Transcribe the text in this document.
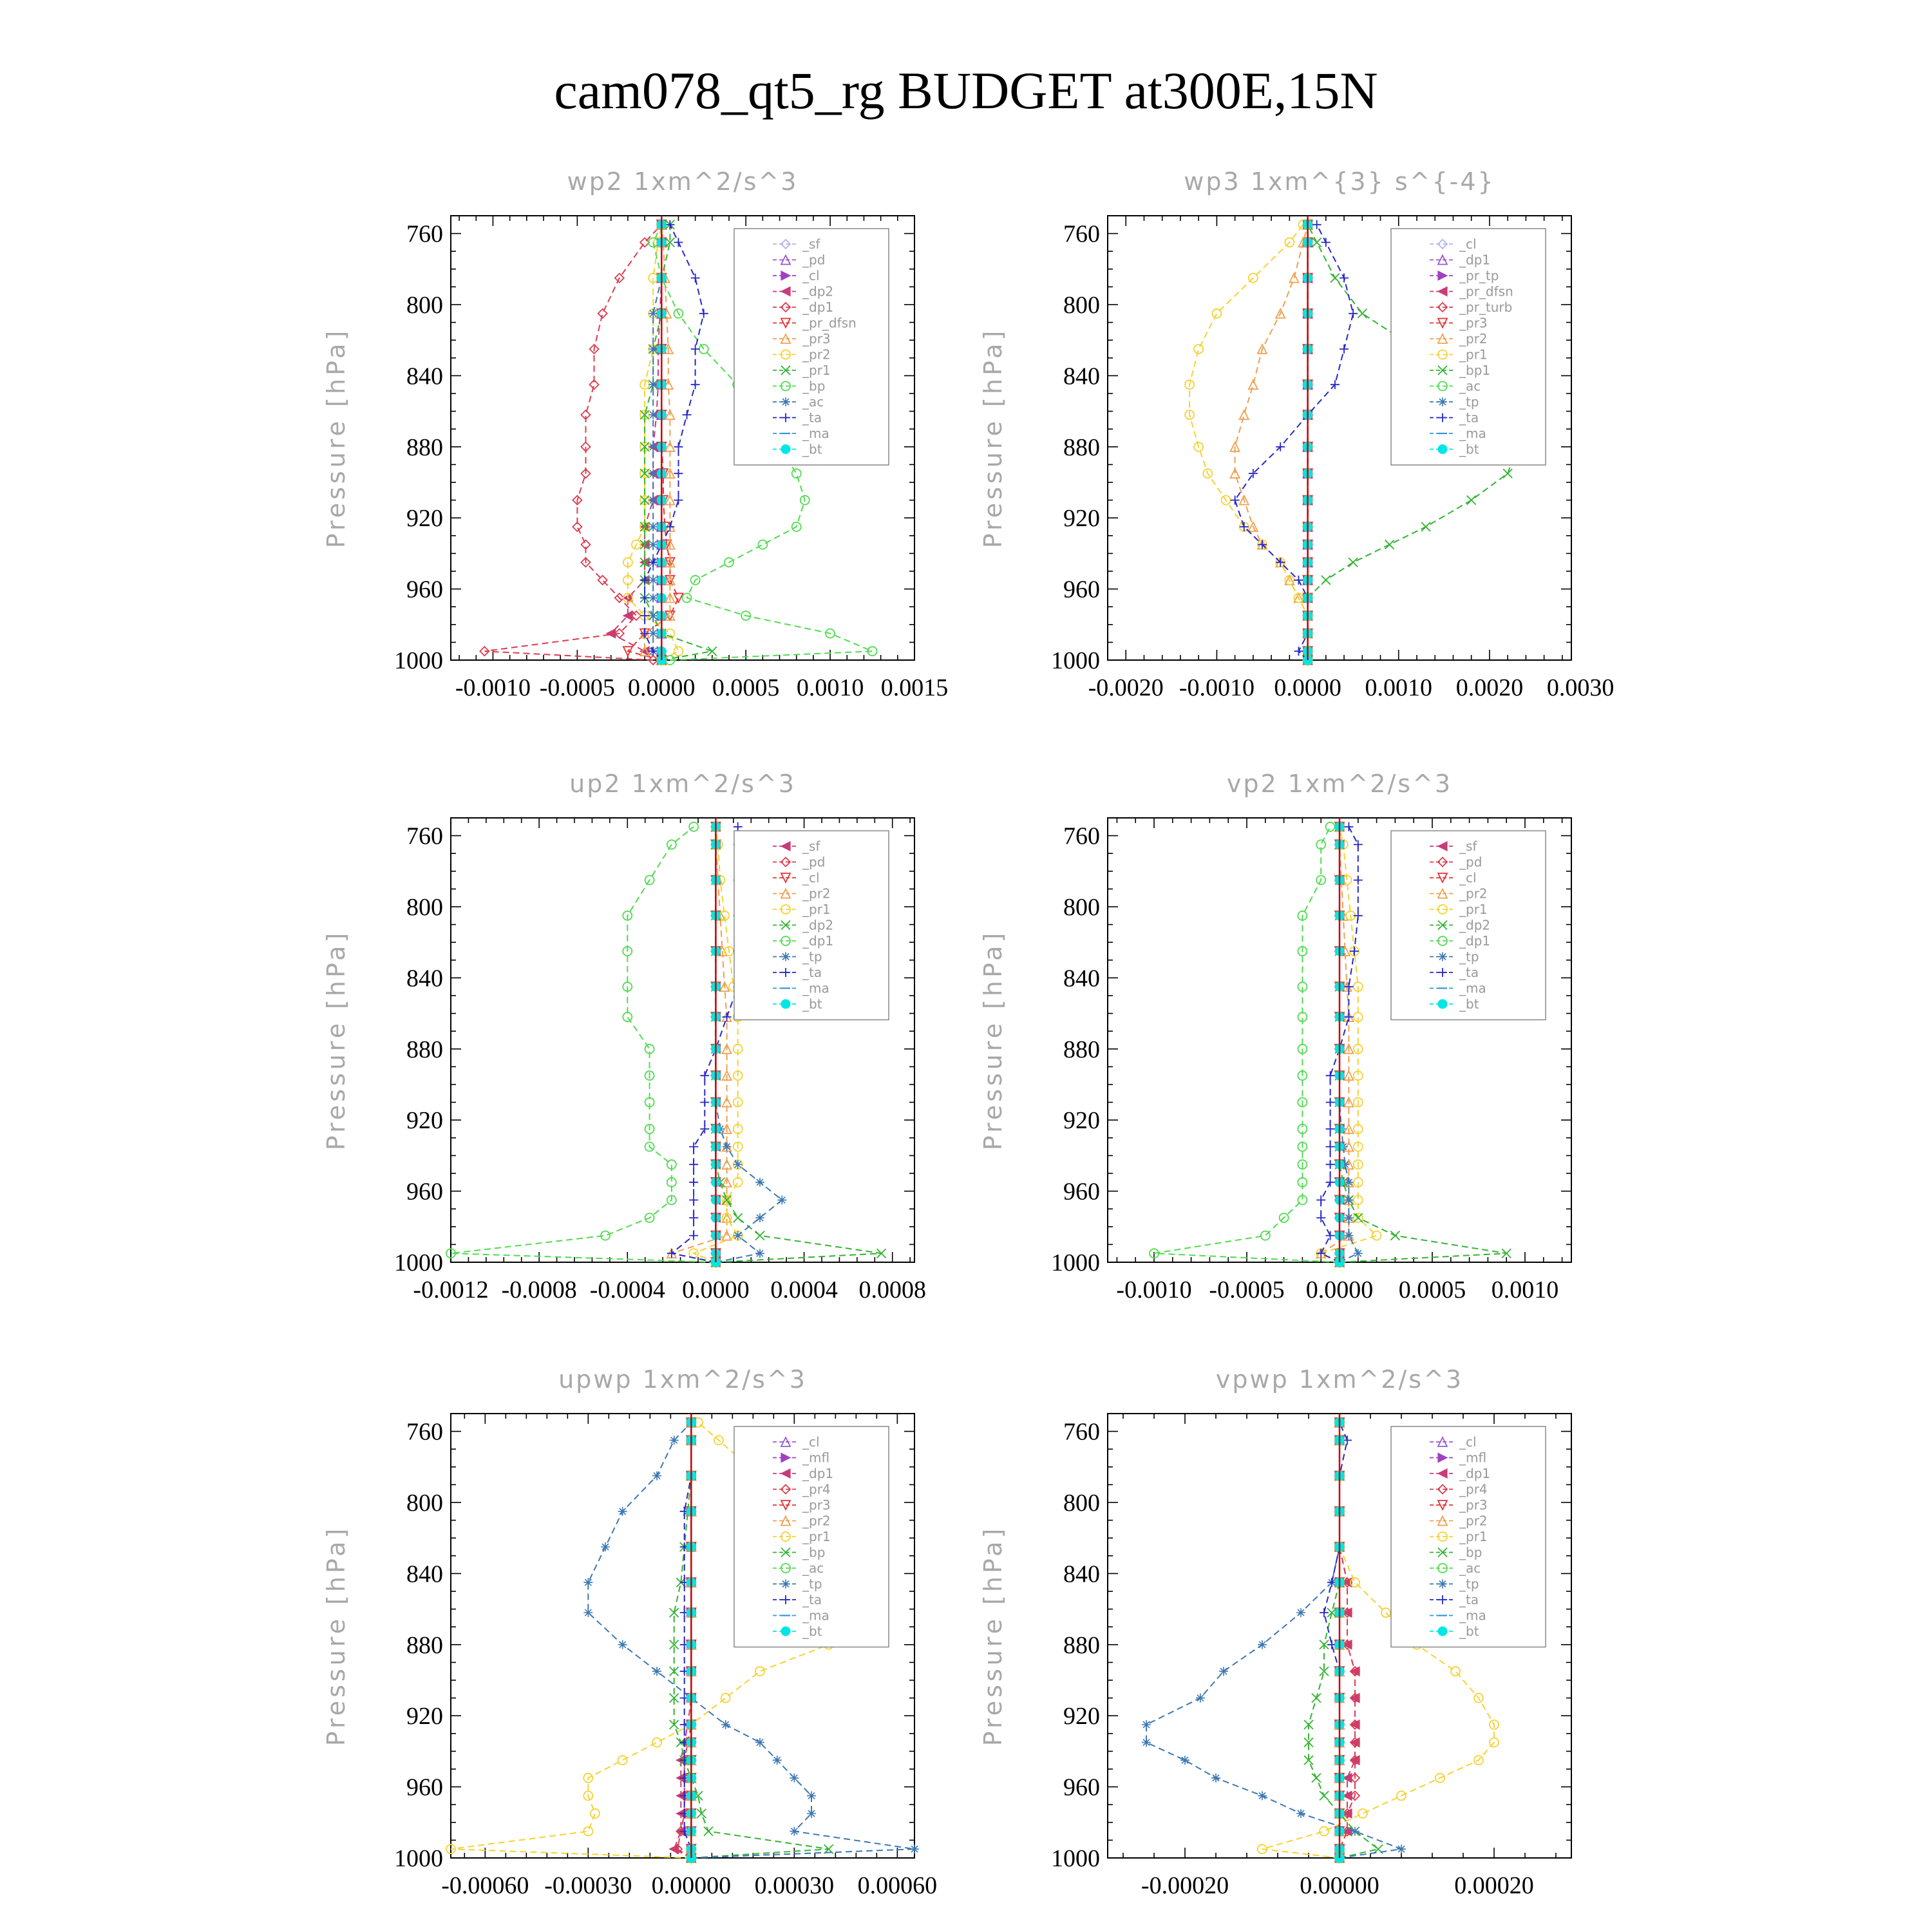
cam078_qt5_rg BUDGET at300E,15N
wp2 1xm^2/s^3
Pressure [hPa]
760
800
840
880
920
960
1000
-0.0010 -0.0005 0.0000 0.0005 0.0010 0.0015
_sf
_pd
_cl
_dp2
_dp1
_pr_dfsn
_pr3
_pr2
_pr1
_bp
_ac
_ta
_ma
_bt
wp3 1xm^{3} s^{-4}
Pressure [hPa]
760
800
840
880
920
960
1000
-0.0020 -0.0010 0.0000 0.0010 0.0020 0.0030
_cl
_dp1
_pr_tp
_pr_dfsn
_pr_turb
_pr3
_pr2
_pr1
_bp1
_ac
_tp
_ta
_ma
_bt
up2 1xm^2/s^3
Pressure [hPa]
760
800
840
880
920
960
1000
-0.0012 -0.0008 -0.0004 0.0000 0.0004 0.0008
_sf
_pd
_cl
_pr2
_pr1
_dp2
_dp1
_tp
_ta
_ma
_bt
vp2 1xm^2/s^3
Pressure [hPa]
760
800
840
880
920
960
1000
-0.0010 -0.0005 0.0000 0.0005 0.0010
_sf
_pd
_cl
_pr2
_pr1
_dp2
_dp1
_tp
_ta
_ma
_bt
upwp 1xm^2/s^3
Pressure [hPa]
760
800
840
880
920
960
1000
-0.00060 -0.00030 0.00000 0.00030 0.00060
_cl
_mfl
_dp1
_pr4
_pr3
_pr2
_pr1
_bp
_ac
_tp
_ta
_ma
_bt
vpwp 1xm^2/s^3
Pressure [hPa]
760
800
840
880
920
960
1000
-0.00020	0.00000	0.00020
_cl
_mfl
_dp1
_pr4
_pr3
_pr2
_pr1
_bp
_ac
_tp
_ta
_ma
_bt
